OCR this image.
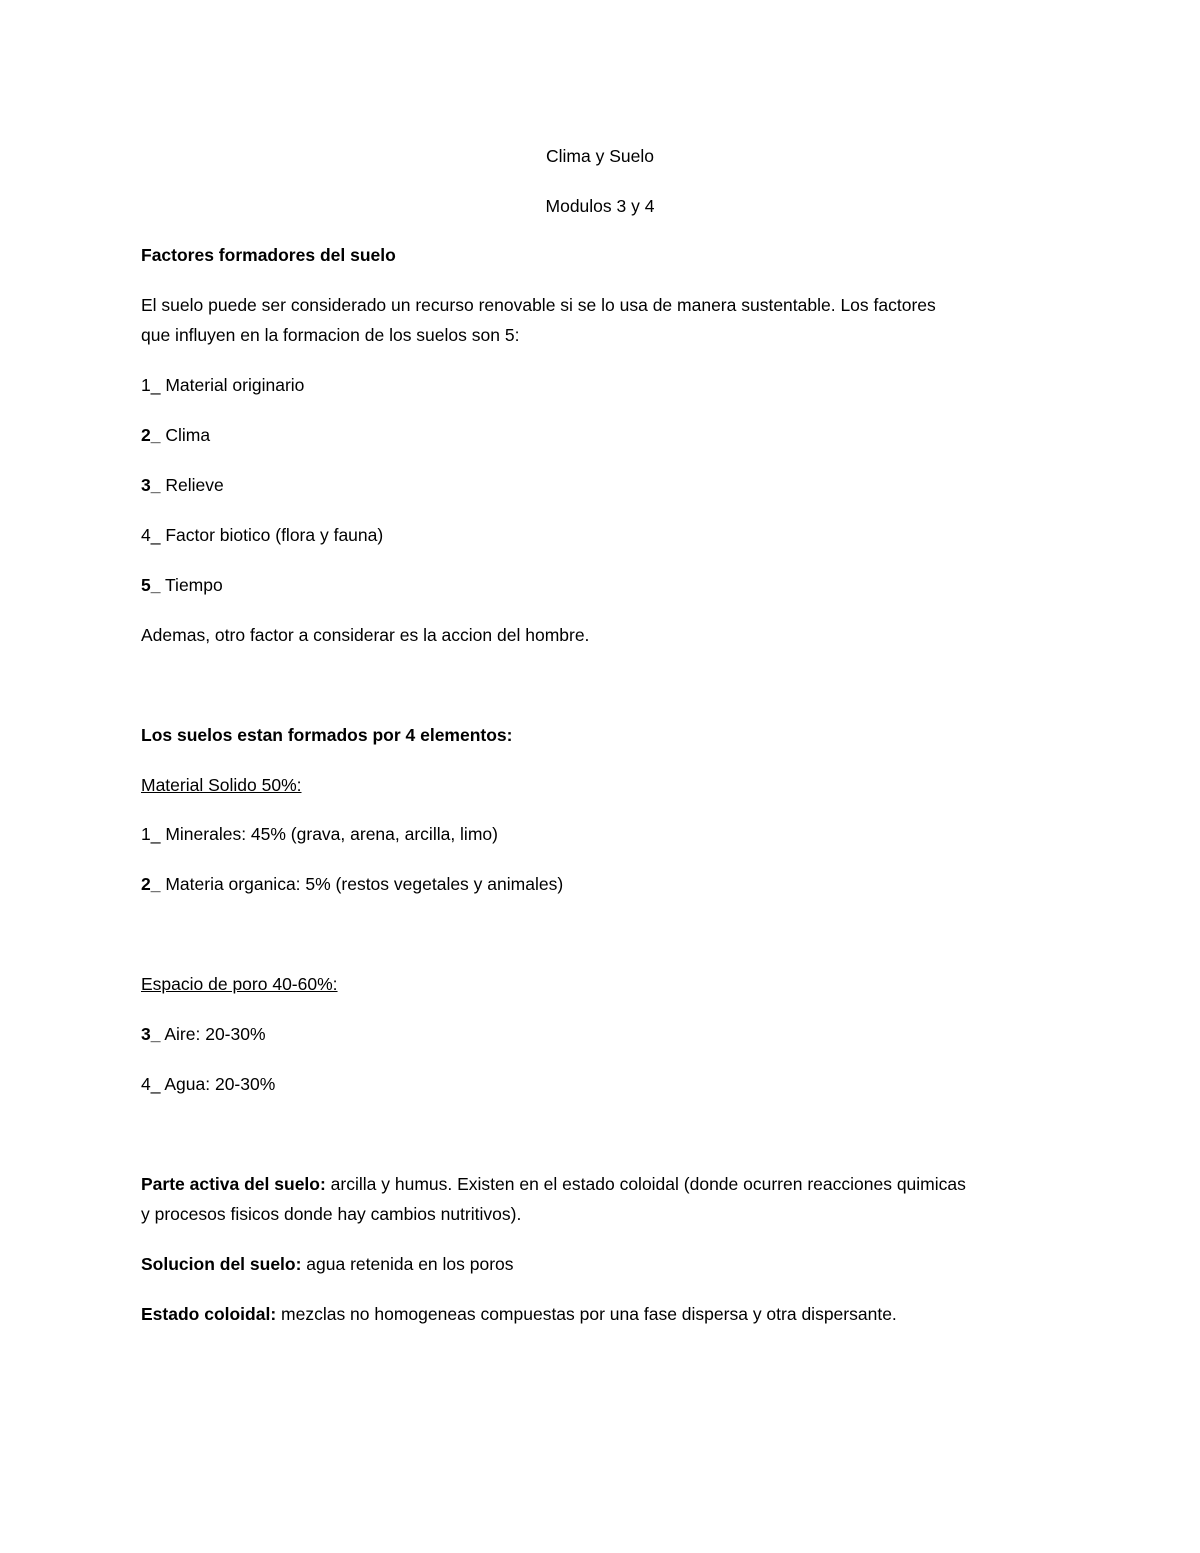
Clima y Suelo

Modulos 3 y 4

Factores formadores del suelo

El suelo puede ser considerado un recurso renovable si se lo usa de manera sustentable. Los factores

que influyen en la formacion de los suelos son 5:

1_ Material originario

2_ Clima

3_ Relieve

4_ Factor biotico (flora y fauna)

5_ Tiempo

Ademas, otro factor a considerar es la accion del hombre.

Los suelos estan formados por 4 elementos:

Material Solido 50%:

1_ Minerales: 45% (grava, arena, arcilla, limo)

2_ Materia organica: 5% (restos vegetales y animales)

Espacio de poro 40-60%:

3_ Aire: 20-30%

4_ Agua: 20-30%

Parte activa del suelo: arcilla y humus. Existen en el estado coloidal (donde ocurren reacciones quimicas

y procesos fisicos donde hay cambios nutritivos).

Solucion del suelo: agua retenida en los poros

Estado coloidal: mezclas no homogeneas compuestas por una fase dispersa y otra dispersante.
